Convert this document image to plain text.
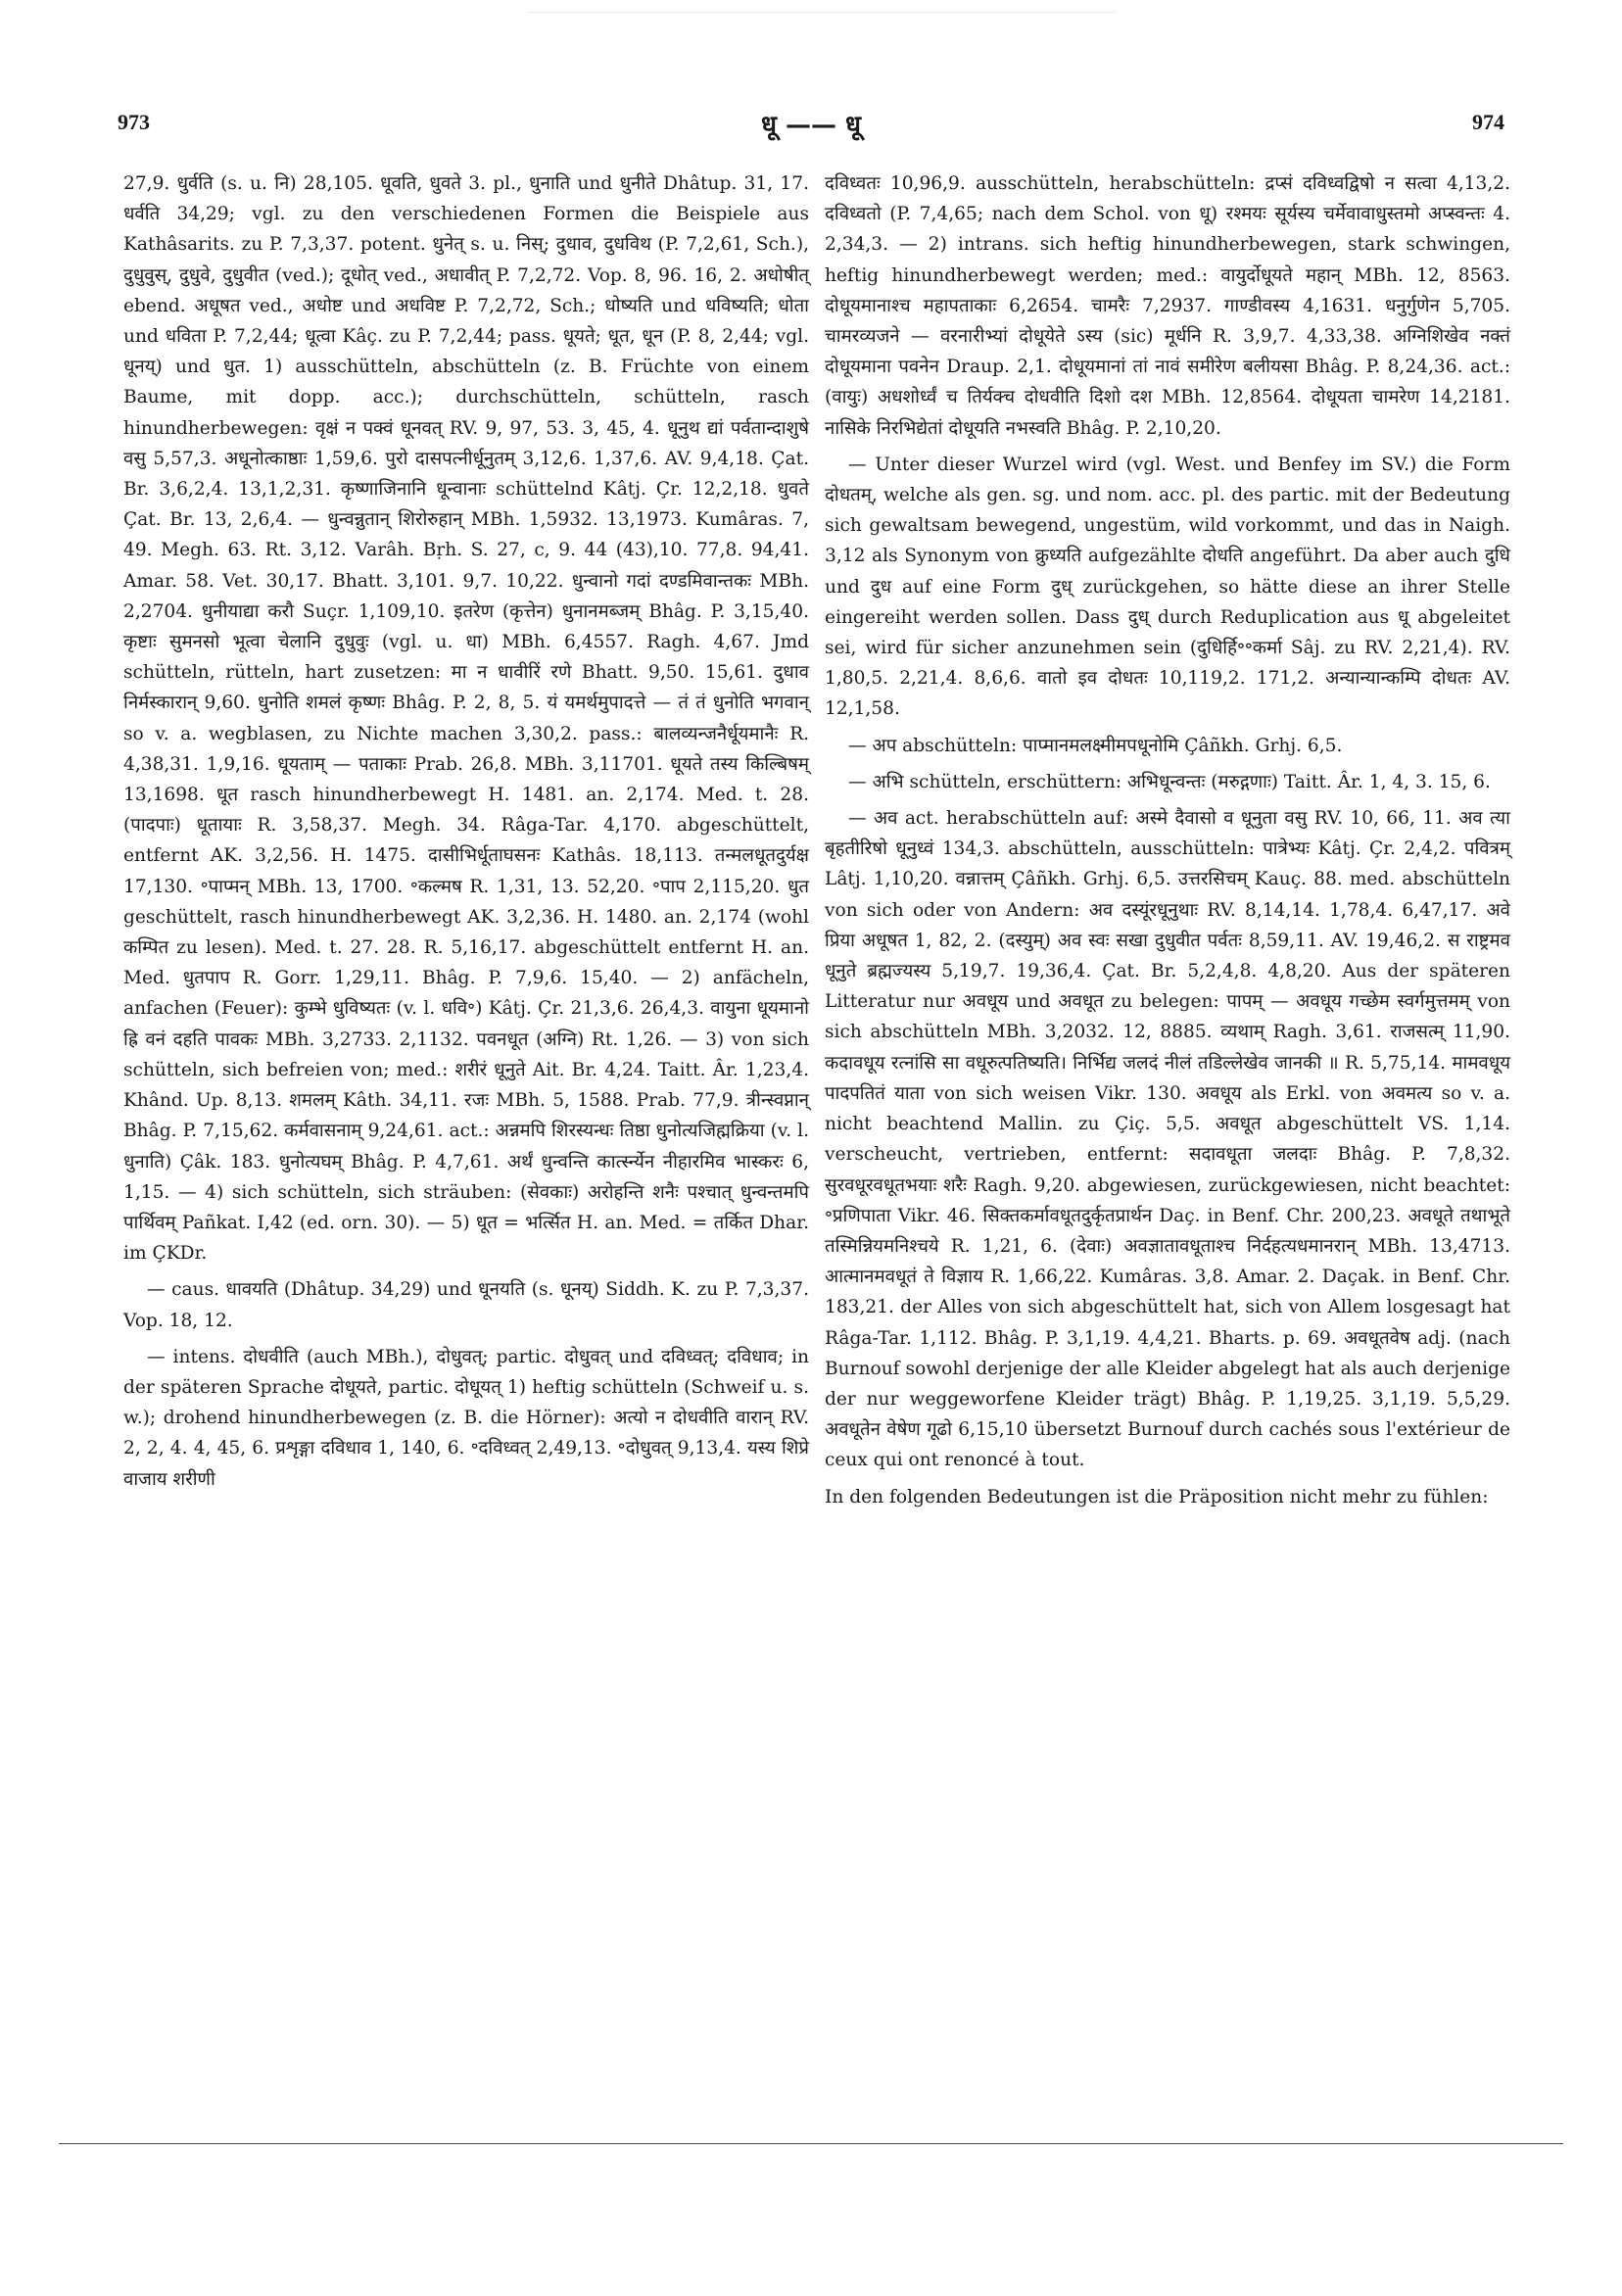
973	धू —— धू	974

27,9. धुर्वति (s. u. नि) 28,105. धूवति, धुवते 3. pl., धुनाति und धुनीते Dhâtup. 31, 17. धर्वति 34,29; vgl. zu den verschiedenen Formen die Beispiele aus Kathâsarits. zu P. 7,3,37. potent. धुनेत् s. u. निस्; दुधाव, दुधविथ (P. 7,2,61, Sch.), दुधुवुस्, दुधुवे, दुधुवीत (ved.); दूधोत् ved., अधावीत् P. 7,2,72. Vop. 8, 96. 16, 2. अधोषीत् ebend. अधूषत ved., अधोष्ट und अधविष्ट P. 7,2,72, Sch.; धोष्यति und धविष्यति; धोता und धविता P. 7,2,44; धूत्वा Kâç. zu P. 7,2,44; pass. धूयते; धूत, धून (P. 8, 2,44; vgl. धूनय्) und धुत. 1) ausschütteln, abschütteln (z. B. Früchte von einem Baume, mit dopp. acc.); durchschütteln, schütteln, rasch hinundherbewegen: वृक्षं न पक्वं धूनवत् RV. 9, 97, 53. 3, 45, 4. धूनुथ द्यां पर्वतान्दाशुषे वसु 5,57,3. अधूनोत्काष्ठाः 1,59,6. पुरो दासपत्नीर्धूनुतम् 3,12,6. 1,37,6. AV. 9,4,18. Çat. Br. 3,6,2,4. 13,1,2,31. कृष्णाजिनानि धून्वानाः schüttelnd Kâtj. Çr. 12,2,18. धुवते Çat. Br. 13, 2,6,4. — धुन्वन्नुतान् शिरोरुहान् MBh. 1,5932. 13,1973. Kumâras. 7, 49. Megh. 63. Rt. 3,12. Varâh. Bṛh. S. 27, c, 9. 44 (43),10. 77,8. 94,41. Amar. 58. Vet. 30,17. Bhatt. 3,101. 9,7. 10,22. धुन्वानो गदां दण्डमिवान्तकः MBh. 2,2704. धुनीयाद्या करौ Suçr. 1,109,10. इतरेण (कृत्तेन) धुनानमब्जम् Bhâg. P. 3,15,40. कृष्टाः सुमनसो भूत्वा चेलानि दुधुवुः (vgl. u. धा) MBh. 6,4557. Ragh. 4,67. Jmd schütteln, rütteln, hart zusetzen: मा न धावीरिं रणे Bhatt. 9,50. 15,61. दुधाव निर्मस्कारान् 9,60. धुनोति शमलं कृष्णः Bhâg. P. 2, 8, 5. यं यमर्थमुपादत्ते — तं तं धुनोति भगवान् so v. a. wegblasen, zu Nichte machen 3,30,2. pass.: बालव्यन्जनैर्धूयमानैः R. 4,38,31. 1,9,16. धूयताम् — पताकाः Prab. 26,8. MBh. 3,11701. धूयते तस्य किल्बिषम् 13,1698. धूत rasch hinundherbewegt H. 1481. an. 2,174. Med. t. 28. (पादपाः) धूतायाः R. 3,58,37. Megh. 34. Râga-Tar. 4,170. abgeschüttelt, entfernt AK. 3,2,56. H. 1475. दासीभिर्धूताघसनः Kathâs. 18,113. तन्मलधूतदुर्यक्ष 17,130. ॰पाप्मन् MBh. 13, 1700. ॰कल्मष R. 1,31, 13. 52,20. ॰पाप 2,115,20. धुत geschüttelt, rasch hinundherbewegt AK. 3,2,36. H. 1480. an. 2,174 (wohl कम्पित zu lesen). Med. t. 27. 28. R. 5,16,17. abgeschüttelt entfernt H. an. Med. धुतपाप R. Gorr. 1,29,11. Bhâg. P. 7,9,6. 15,40. — 2) anfächeln, anfachen (Feuer): कुम्भे धुविष्यतः (v. l. धवि॰) Kâtj. Çr. 21,3,6. 26,4,3. वायुना धूयमानो ह्रि वनं दहति पावकः MBh. 3,2733. 2,1132. पवनधूत (अग्नि) Rt. 1,26. — 3) von sich schütteln, sich befreien von; med.: शरीरं धूनुते Ait. Br. 4,24. Taitt. Âr. 1,23,4. Khând. Up. 8,13. शमलम् Kâth. 34,11. रजः MBh. 5, 1588. Prab. 77,9. त्रीन्स्वप्नान् Bhâg. P. 7,15,62. कर्मवासनाम् 9,24,61. act.: अन्नमपि शिरस्यन्धः तिष्ठा धुनोत्यजिह्मक्रिया (v. l. धुनाति) Çâk. 183. धुनोत्यघम् Bhâg. P. 4,7,61. अर्थं धुन्वन्ति कार्त्स्न्येन नीहारमिव भास्करः 6, 1,15. — 4) sich schütteln, sich sträuben: (सेवकाः) अरोहन्ति शनैः पश्चात् धुन्वन्तमपि पार्थिवम् Pañkat. I,42 (ed. orn. 30). — 5) धूत = भर्त्सित H. an. Med. = तर्कित Dhar. im ÇKDr.

— caus. धावयति (Dhâtup. 34,29) und धूनयति (s. धूनय्) Siddh. K. zu P. 7,3,37. Vop. 18, 12.

— intens. दोधवीति (auch MBh.), दोधुवत्; partic. दोधुवत् und दविध्वत्; दविधाव; in der späteren Sprache दोधूयते, partic. दोधूयत् 1) heftig schütteln (Schweif u. s. w.); drohend hinundherbewegen (z. B. die Hörner): अत्यो न दोधवीति वारान् RV. 2, 2, 4. 4, 45, 6. प्रशृङ्गा दविधाव 1, 140, 6. ॰दविध्वत् 2,49,13. ॰दोधुवत् 9,13,4. यस्य शिप्रे वाजाय शरीणी

दविध्वतः 10,96,9. ausschütteln, herabschütteln: द्रप्सं दविध्वद्विषो न सत्वा 4,13,2. दविध्वतो (P. 7,4,65; nach dem Schol. von धू) रश्मयः सूर्यस्य चर्मेवावाधुस्तमो अप्स्वन्तः 4. 2,34,3. — 2) intrans. sich heftig hinundherbewegen, stark schwingen, heftig hinundherbewegt werden; med.: वायुर्दोधूयते महान् MBh. 12, 8563. दोधूयमानाश्च महापताकाः 6,2654. चामरैः 7,2937. गाण्डीवस्य 4,1631. धनुर्गुणेन 5,705. चामरव्यजने — वरनारीभ्यां दोधूयेते ऽस्य (sic) मूर्धनि R. 3,9,7. 4,33,38. अग्निशिखेव नक्तं दोधूयमाना पवनेन Draup. 2,1. दोधूयमानां तां नावं समीरेण बलीयसा Bhâg. P. 8,24,36. act.: (वायुः) अधशोर्ध्वं च तिर्यक्च दोधवीति दिशो दश MBh. 12,8564. दोधूयता चामरेण 14,2181. नासिके निरभिद्येतां दोधूयति नभस्वति Bhâg. P. 2,10,20.

— Unter dieser Wurzel wird (vgl. West. und Benfey im SV.) die Form दोधतम्, welche als gen. sg. und nom. acc. pl. des partic. mit der Bedeutung sich gewaltsam bewegend, ungestüm, wild vorkommt, und das in Naigh. 3,12 als Synonym von क्रुध्यति aufgezählte दोधति angeführt. Da aber auch दुधि und दुध auf eine Form दुध् zurückgehen, so hätte diese an ihrer Stelle eingereiht werden sollen. Dass दुध् durch Reduplication aus धू abgeleitet sei, wird für sicher anzunehmen sein (दुधिर्हि॰॰कर्मा Sâj. zu RV. 2,21,4). RV. 1,80,5. 2,21,4. 8,6,6. वातो इव दोधतः 10,119,2. 171,2. अन्यान्यान्कम्पि दोधतः AV. 12,1,58.

— अप abschütteln: पाप्मानमलक्ष्मीमपधूनोमि Çâñkh. Grhj. 6,5.

— अभि schütteln, erschüttern: अभिधून्वन्तः (मरुद्गणाः) Taitt. Âr. 1, 4, 3. 15, 6.

— अव act. herabschütteln auf: अस्मे दैवासो व धूनुता वसु RV. 10, 66, 11. अव त्या बृहतीरिषो धूनुध्वं 134,3. abschütteln, ausschütteln: पात्रेभ्यः Kâtj. Çr. 2,4,2. पवित्रम् Lâtj. 1,10,20. वन्नात्तम् Çâñkh. Grhj. 6,5. उत्तरसिचम् Kauç. 88. med. abschütteln von sich oder von Andern: अव दस्यूंरधूनुथाः RV. 8,14,14. 1,78,4. 6,47,17. अवे प्रिया अधूषत 1, 82, 2. (दस्युम्) अव स्वः सखा दुधुवीत पर्वतः 8,59,11. AV. 19,46,2. स राष्ट्रमव धूनुते ब्रह्मज्यस्य 5,19,7. 19,36,4. Çat. Br. 5,2,4,8. 4,8,20. Aus der späteren Litteratur nur अवधूय und अवधूत zu belegen: पापम् — अवधूय गच्छेम स्वर्गमुत्तमम् von sich abschütteln MBh. 3,2032. 12, 8885. व्यथाम् Ragh. 3,61. राजसत्म् 11,90. कदावधूय रत्नांसि सा वधूरुत्पतिष्यति। निर्भिद्य जलदं नीलं तडिल्लेखेव जानकी ॥ R. 5,75,14. मामवधूय पादपतितं याता von sich weisen Vikr. 130. अवधूय als Erkl. von अवमत्य so v. a. nicht beachtend Mallin. zu Çiç. 5,5. अवधूत abgeschüttelt VS. 1,14. verscheucht, vertrieben, entfernt: सदावधूता जलदाः Bhâg. P. 7,8,32. सुरवधूरवधूतभयाः शरैः Ragh. 9,20. abgewiesen, zurückgewiesen, nicht beachtet: ॰प्रणिपाता Vikr. 46. सिक्तकर्मावधूतदुर्कृतप्रार्थन Daç. in Benf. Chr. 200,23. अवधूते तथाभूते तस्मिन्नियमनिश्चये R. 1,21, 6. (देवाः) अवज्ञातावधूताश्च निर्दहत्यधमानरान् MBh. 13,4713. आत्मानमवधूतं ते विज्ञाय R. 1,66,22. Kumâras. 3,8. Amar. 2. Daçak. in Benf. Chr. 183,21. der Alles von sich abgeschüttelt hat, sich von Allem losgesagt hat Râga-Tar. 1,112. Bhâg. P. 3,1,19. 4,4,21. Bharts. p. 69. अवधूतवेष adj. (nach Burnouf sowohl derjenige der alle Kleider abgelegt hat als auch derjenige der nur weggeworfene Kleider trägt) Bhâg. P. 1,19,25. 3,1,19. 5,5,29. अवधूतेन वेषेण गूढो 6,15,10 übersetzt Burnouf durch cachés sous l'extérieur de ceux qui ont renoncé à tout.

In den folgenden Bedeutungen ist die Präposition nicht mehr zu fühlen:
